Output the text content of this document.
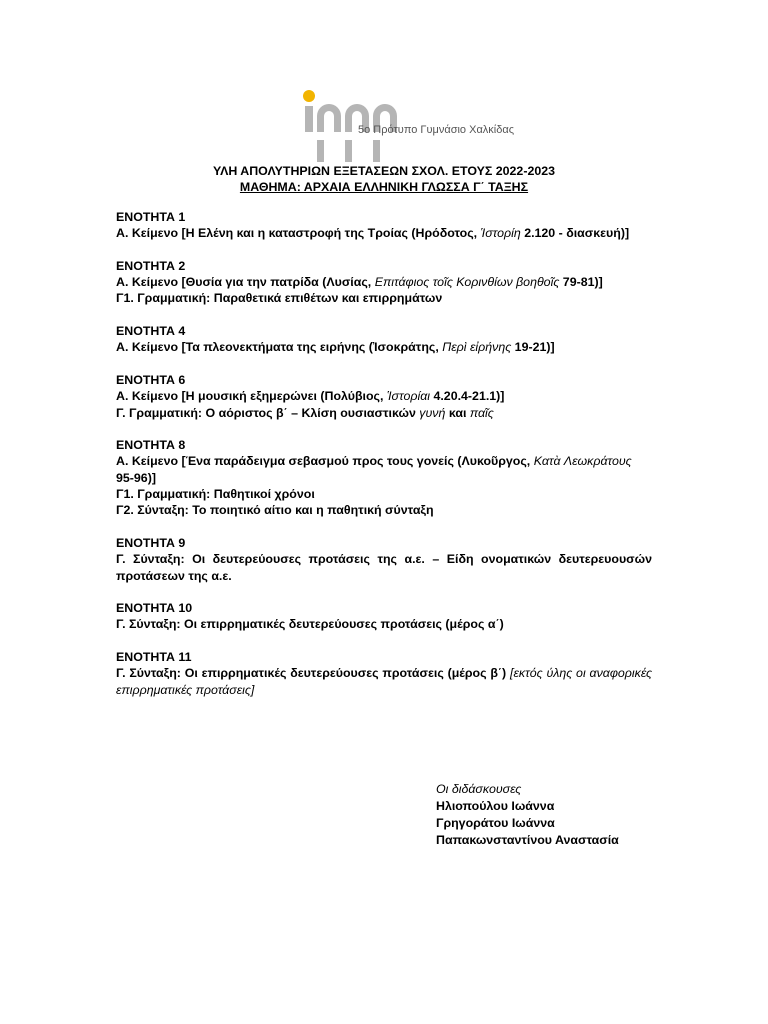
5ο Πρότυπο Γυμνάσιο Χαλκίδας
ΥΛΗ ΑΠΟΛΥΤΗΡΙΩΝ ΕΞΕΤΑΣΕΩΝ ΣΧΟΛ. ΕΤΟΥΣ 2022-2023
ΜΑΘΗΜΑ: ΑΡΧΑΙΑ ΕΛΛΗΝΙΚΗ ΓΛΩΣΣΑ Γ΄ ΤΑΞΗΣ
ΕΝΟΤΗΤΑ 1
Α. Κείμενο [Η Ελένη και η καταστροφή της Τροίας (Ηρόδοτος, Ἱστορίη 2.120 - διασκευή)]
ΕΝΟΤΗΤΑ 2
Α. Κείμενο [Θυσία για την πατρίδα (Λυσίας, Επιτάφιος τοῖς Κορινθίων βοηθοῖς 79-81)]
Γ1. Γραμματική: Παραθετικά επιθέτων και επιρρημάτων
ΕΝΟΤΗΤΑ 4
Α. Κείμενο [Τα πλεονεκτήματα της ειρήνης (Ἰσοκράτης, Περὶ εἰρήνης 19-21)]
ΕΝΟΤΗΤΑ 6
Α. Κείμενο [Η μουσική εξημερώνει (Πολύβιος, Ἱστορίαι 4.20.4-21.1)]
Γ. Γραμματική: Ο αόριστος β΄ – Κλίση ουσιαστικών γυνή και παῖς
ΕΝΟΤΗΤΑ 8
Α. Κείμενο [Ένα παράδειγμα σεβασμού προς τους γονείς (Λυκοῦργος, Κατὰ Λεωκράτους 95-96)]
Γ1. Γραμματική: Παθητικοί χρόνοι
Γ2. Σύνταξη: Το ποιητικό αίτιο και η παθητική σύνταξη
ΕΝΟΤΗΤΑ 9
Γ. Σύνταξη: Οι δευτερεύουσες προτάσεις της α.ε. – Είδη ονοματικών δευτερευουσών προτάσεων της α.ε.
ΕΝΟΤΗΤΑ 10
Γ. Σύνταξη: Οι επιρρηματικές δευτερεύουσες προτάσεις (μέρος α΄)
ΕΝΟΤΗΤΑ 11
Γ. Σύνταξη: Οι επιρρηματικές δευτερεύουσες προτάσεις (μέρος β΄) [εκτός ύλης οι αναφορικές επιρρηματικές προτάσεις]
Οι διδάσκουσες
Ηλιοπούλου Ιωάννα
Γρηγοράτου Ιωάννα
Παπακωνσταντίνου Αναστασία
